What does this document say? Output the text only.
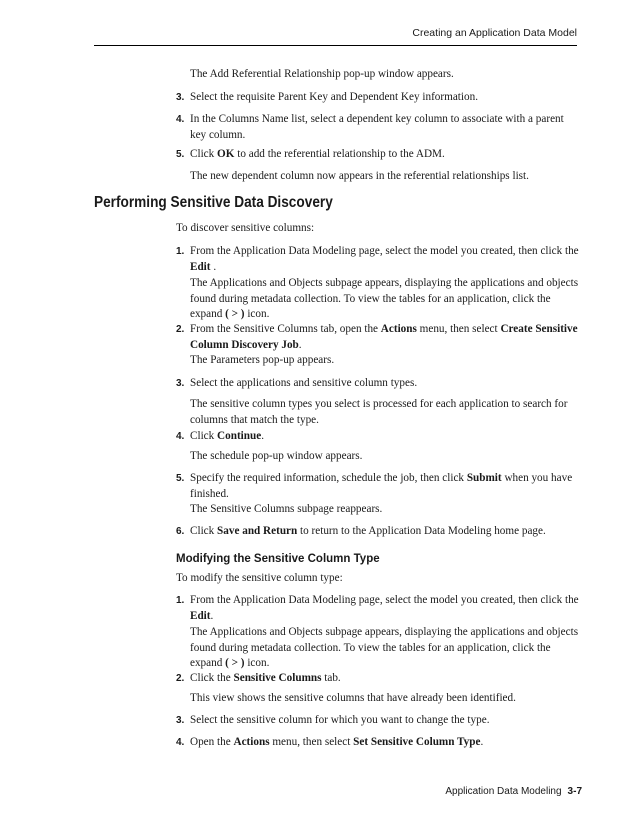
Creating an Application Data Model

The Add Referential Relationship pop-up window appears.

3. Select the requisite Parent Key and Dependent Key information.

4. In the Columns Name list, select a dependent key column to associate with a parent key column.

5. Click OK to add the referential relationship to the ADM.

The new dependent column now appears in the referential relationships list.

Performing Sensitive Data Discovery
To discover sensitive columns:
1. From the Application Data Modeling page, select the model you created, then click the Edit .

The Applications and Objects subpage appears, displaying the applications and objects found during metadata collection. To view the tables for an application, click the expand ( > ) icon.

2. From the Sensitive Columns tab, open the Actions menu, then select Create Sensitive Column Discovery Job.

The Parameters pop-up appears.

3. Select the applications and sensitive column types.

The sensitive column types you select is processed for each application to search for columns that match the type.

4. Click Continue.

The schedule pop-up window appears.

5. Specify the required information, schedule the job, then click Submit when you have finished.

The Sensitive Columns subpage reappears.

6. Click Save and Return to return to the Application Data Modeling home page.

Modifying the Sensitive Column Type
To modify the sensitive column type:
1. From the Application Data Modeling page, select the model you created, then click the Edit.

The Applications and Objects subpage appears, displaying the applications and objects found during metadata collection. To view the tables for an application, click the expand ( > ) icon.

2. Click the Sensitive Columns tab.

This view shows the sensitive columns that have already been identified.

3. Select the sensitive column for which you want to change the type.

4. Open the Actions menu, then select Set Sensitive Column Type.

Application Data Modeling 3-7
